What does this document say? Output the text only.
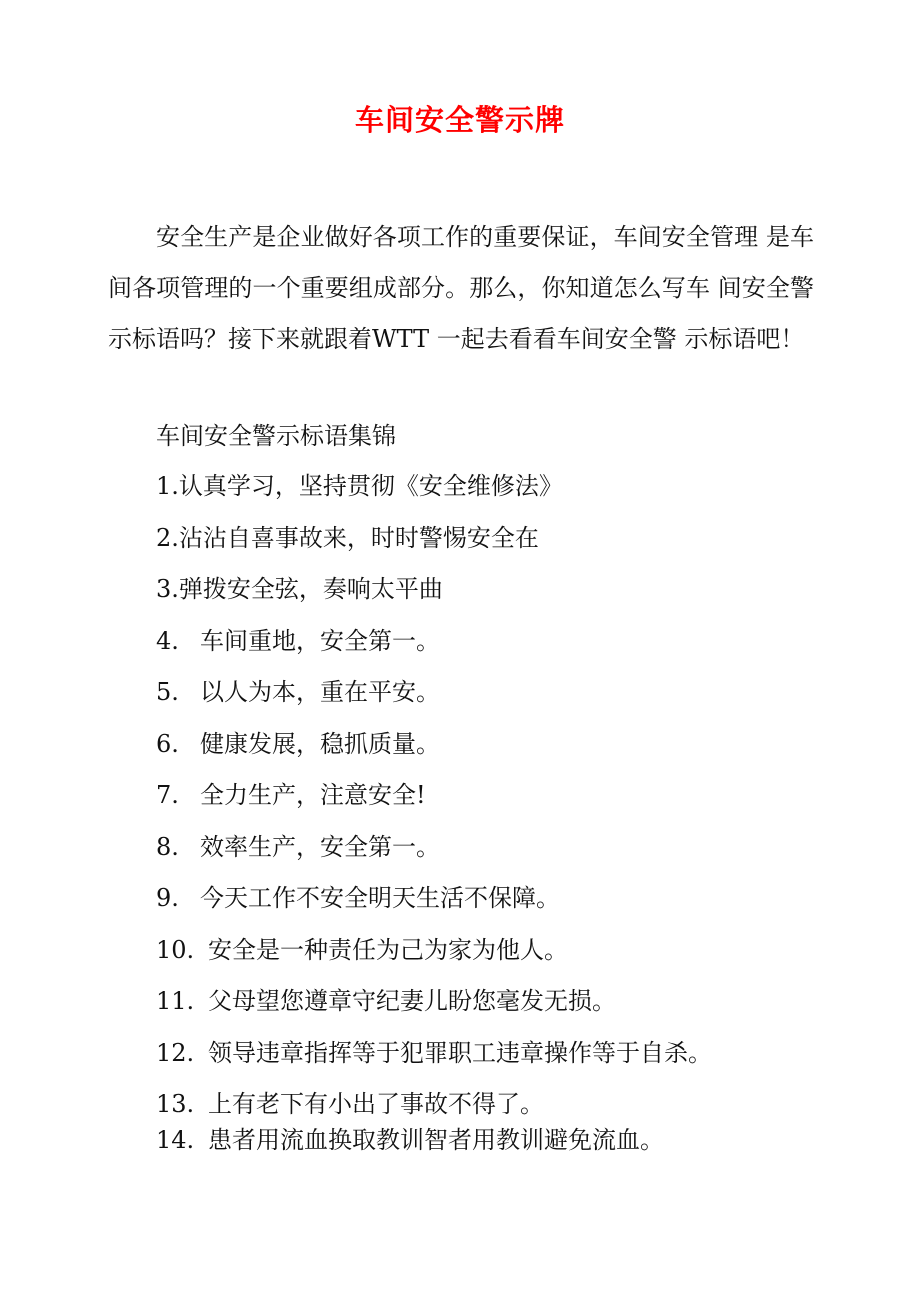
车间安全警示牌

安全生产是企业做好各项工作的重要保证，车间安全管理 是车间各项管理的一个重要组成部分。那么，你知道怎么写车 间安全警示标语吗？接下来就跟着WTT 一起去看看车间安全警 示标语吧！

车间安全警示标语集锦

1.认真学习，坚持贯彻《安全维修法》
2.沾沾自喜事故来，时时警惕安全在
3.弹拨安全弦，奏响太平曲
4. 车间重地，安全第一。
5. 以人为本，重在平安。
6. 健康发展，稳抓质量。
7. 全力生产，注意安全!
8. 效率生产，安全第一。
9. 今天工作不安全明天生活不保障。
10. 安全是一种责任为己为家为他人。
11. 父母望您遵章守纪妻儿盼您毫发无损。
12. 领导违章指挥等于犯罪职工违章操作等于自杀。
13. 上有老下有小出了事故不得了。
14. 患者用流血换取教训智者用教训避免流血。
